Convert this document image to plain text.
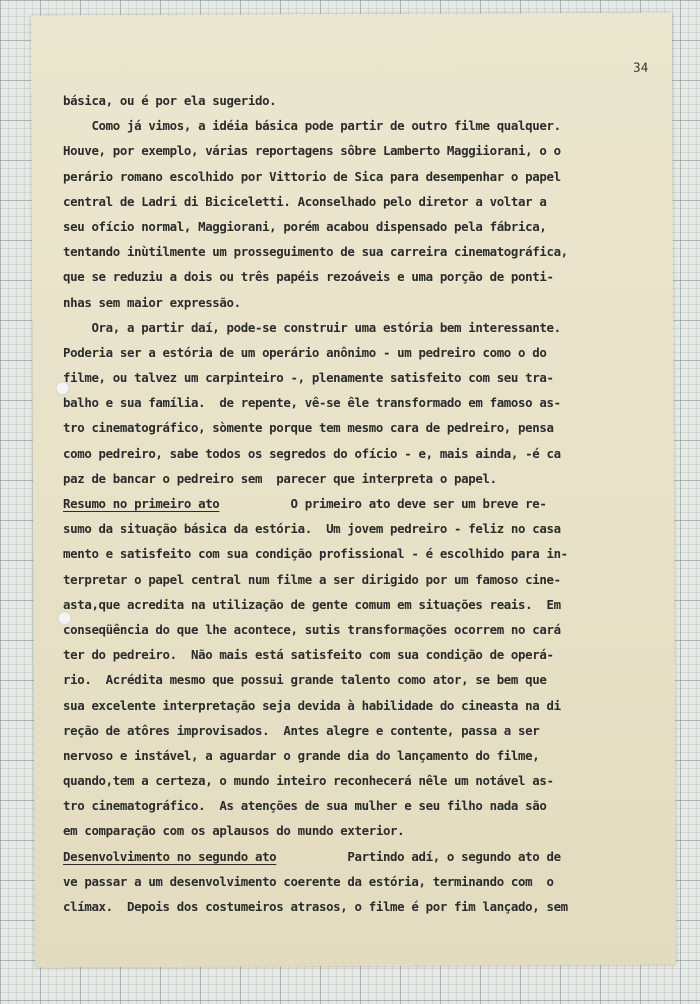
34
básica, ou é por ela sugerido.
Como já vimos, a idéia básica pode partir de outro filme qualquer.
Houve, por exemplo, várias reportagens sôbre Lamberto Maggiiorani, o o
perário romano escolhido por Vittorio de Sica para desempenhar o papel
central de Ladri di Biciceletti. Aconselhado pelo diretor a voltar a
seu ofício normal, Maggiorani, porém acabou dispensado pela fábrica,
tentando inùtilmente um prosseguimento de sua carreira cinematográfica,
que se reduziu a dois ou três papéis rezoáveis e uma porção de ponti-
nhas sem maior expressão.
Ora, a partir daí, pode-se construir uma estória bem interessante.
Poderia ser a estória de um operário anônimo - um pedreiro como o do
filme, ou talvez um carpinteiro -, plenamente satisfeito com seu tra-
balho e sua família.  de repente, vê-se êle transformado em famoso as-
tro cinematográfico, sòmente porque tem mesmo cara de pedreiro, pensa
como pedreiro, sabe todos os segredos do ofício - e, mais ainda, -é ca
paz de bancar o pedreiro sem  parecer que interpreta o papel.
Resumo no primeiro ato          O primeiro ato deve ser um breve re-
sumo da situação básica da estória.  Um jovem pedreiro - feliz no casa
mento e satisfeito com sua condição profissional - é escolhido para in-
terpretar o papel central num filme a ser dirigido por um famoso cine-
asta,que acredita na utilização de gente comum em situações reais.  Em
conseqüência do que lhe acontece, sutis transformações ocorrem no cará
ter do pedreiro.  Não mais está satisfeito com sua condição de operá-
rio.  Acrédita mesmo que possui grande talento como ator, se bem que
sua excelente interpretação seja devida à habilidade do cineasta na di
reção de atôres improvisados.  Antes alegre e contente, passa a ser
nervoso e instável, a aguardar o grande dia do lançamento do filme,
quando,tem a certeza, o mundo inteiro reconhecerá nêle um notável as-
tro cinematográfico.  As atenções de sua mulher e seu filho nada são
em comparação com os aplausos do mundo exterior.
Desenvolvimento no segundo ato          Partindo adí, o segundo ato de
ve passar a um desenvolvimento coerente da estória, terminando com  o
clímax.  Depois dos costumeiros atrasos, o filme é por fim lançado, sem
